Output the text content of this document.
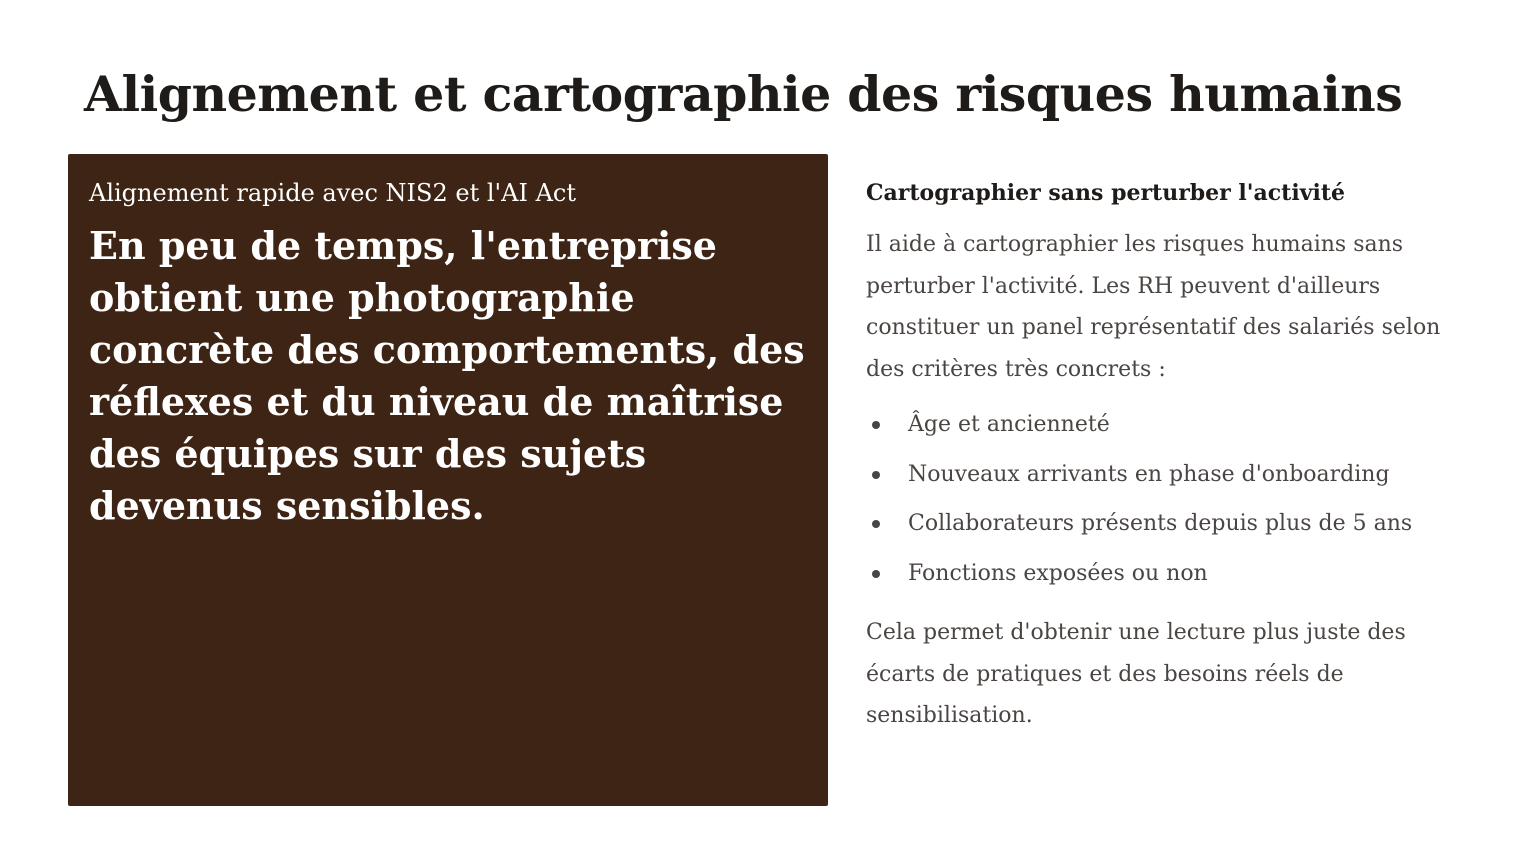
Alignement et cartographie des risques humains

Alignement rapide avec NIS2 et l'AI Act

En peu de temps, l'entreprise obtient une photographie concrète des comportements, des réflexes et du niveau de maîtrise des équipes sur des sujets devenus sensibles.

Cartographier sans perturber l'activité

Il aide à cartographier les risques humains sans perturber l'activité. Les RH peuvent d'ailleurs constituer un panel représentatif des salariés selon des critères très concrets :

Âge et ancienneté
Nouveaux arrivants en phase d'onboarding
Collaborateurs présents depuis plus de 5 ans
Fonctions exposées ou non

Cela permet d'obtenir une lecture plus juste des écarts de pratiques et des besoins réels de sensibilisation.
